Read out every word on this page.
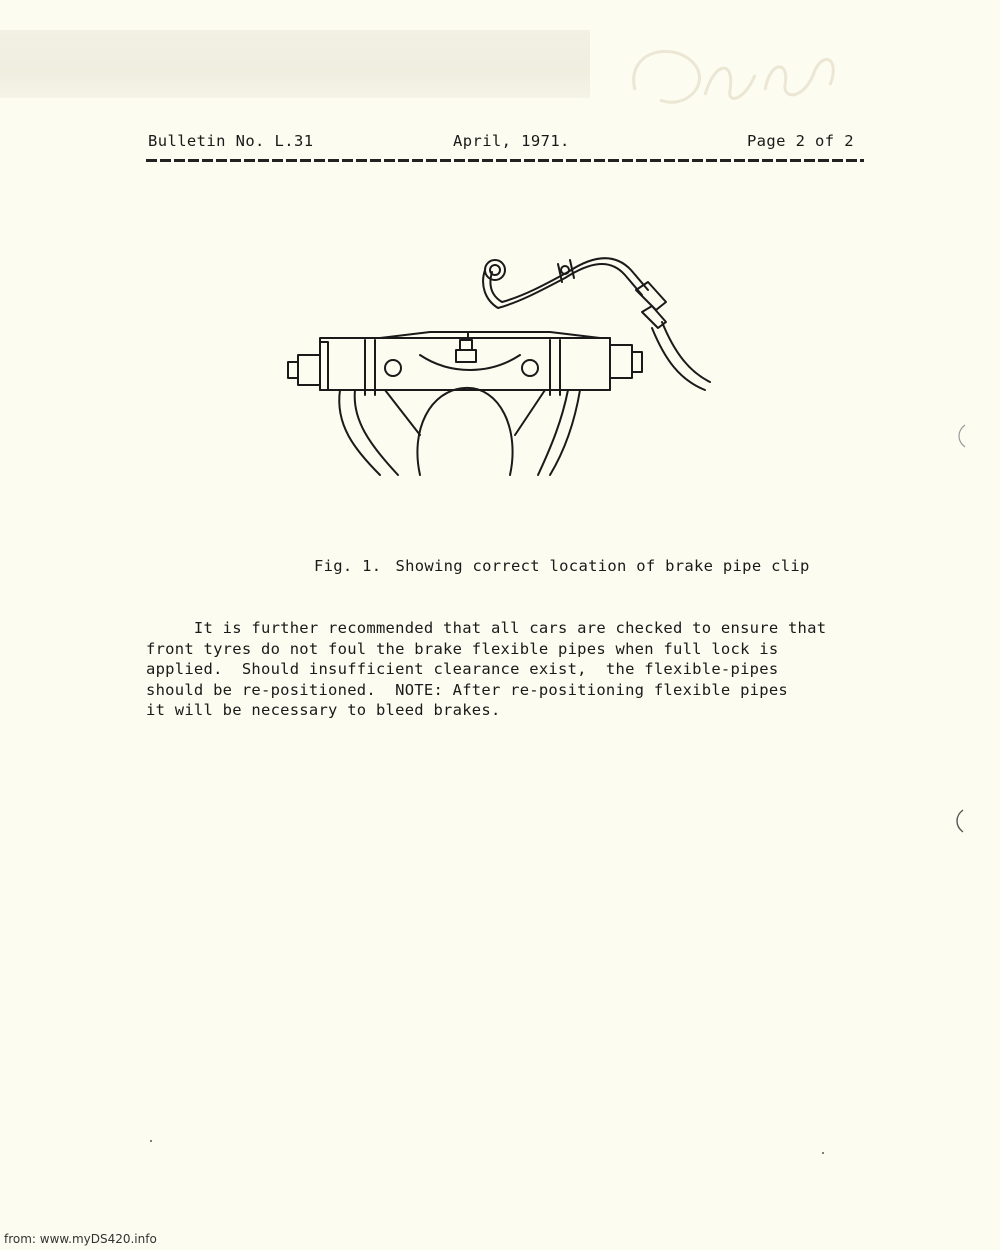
Bulletin No. L.31	April, 1971.	Page 2 of 2
Fig. 1. Showing correct location of brake pipe clip

It is further recommended that all cars are checked to ensure that

front tyres do not foul the brake flexible pipes when full lock is

applied.  Should insufficient clearance exist,  the flexible-pipes

should be re-positioned.  NOTE: After re-positioning flexible pipes

it will be necessary to bleed brakes.

from: www.myDS420.info
